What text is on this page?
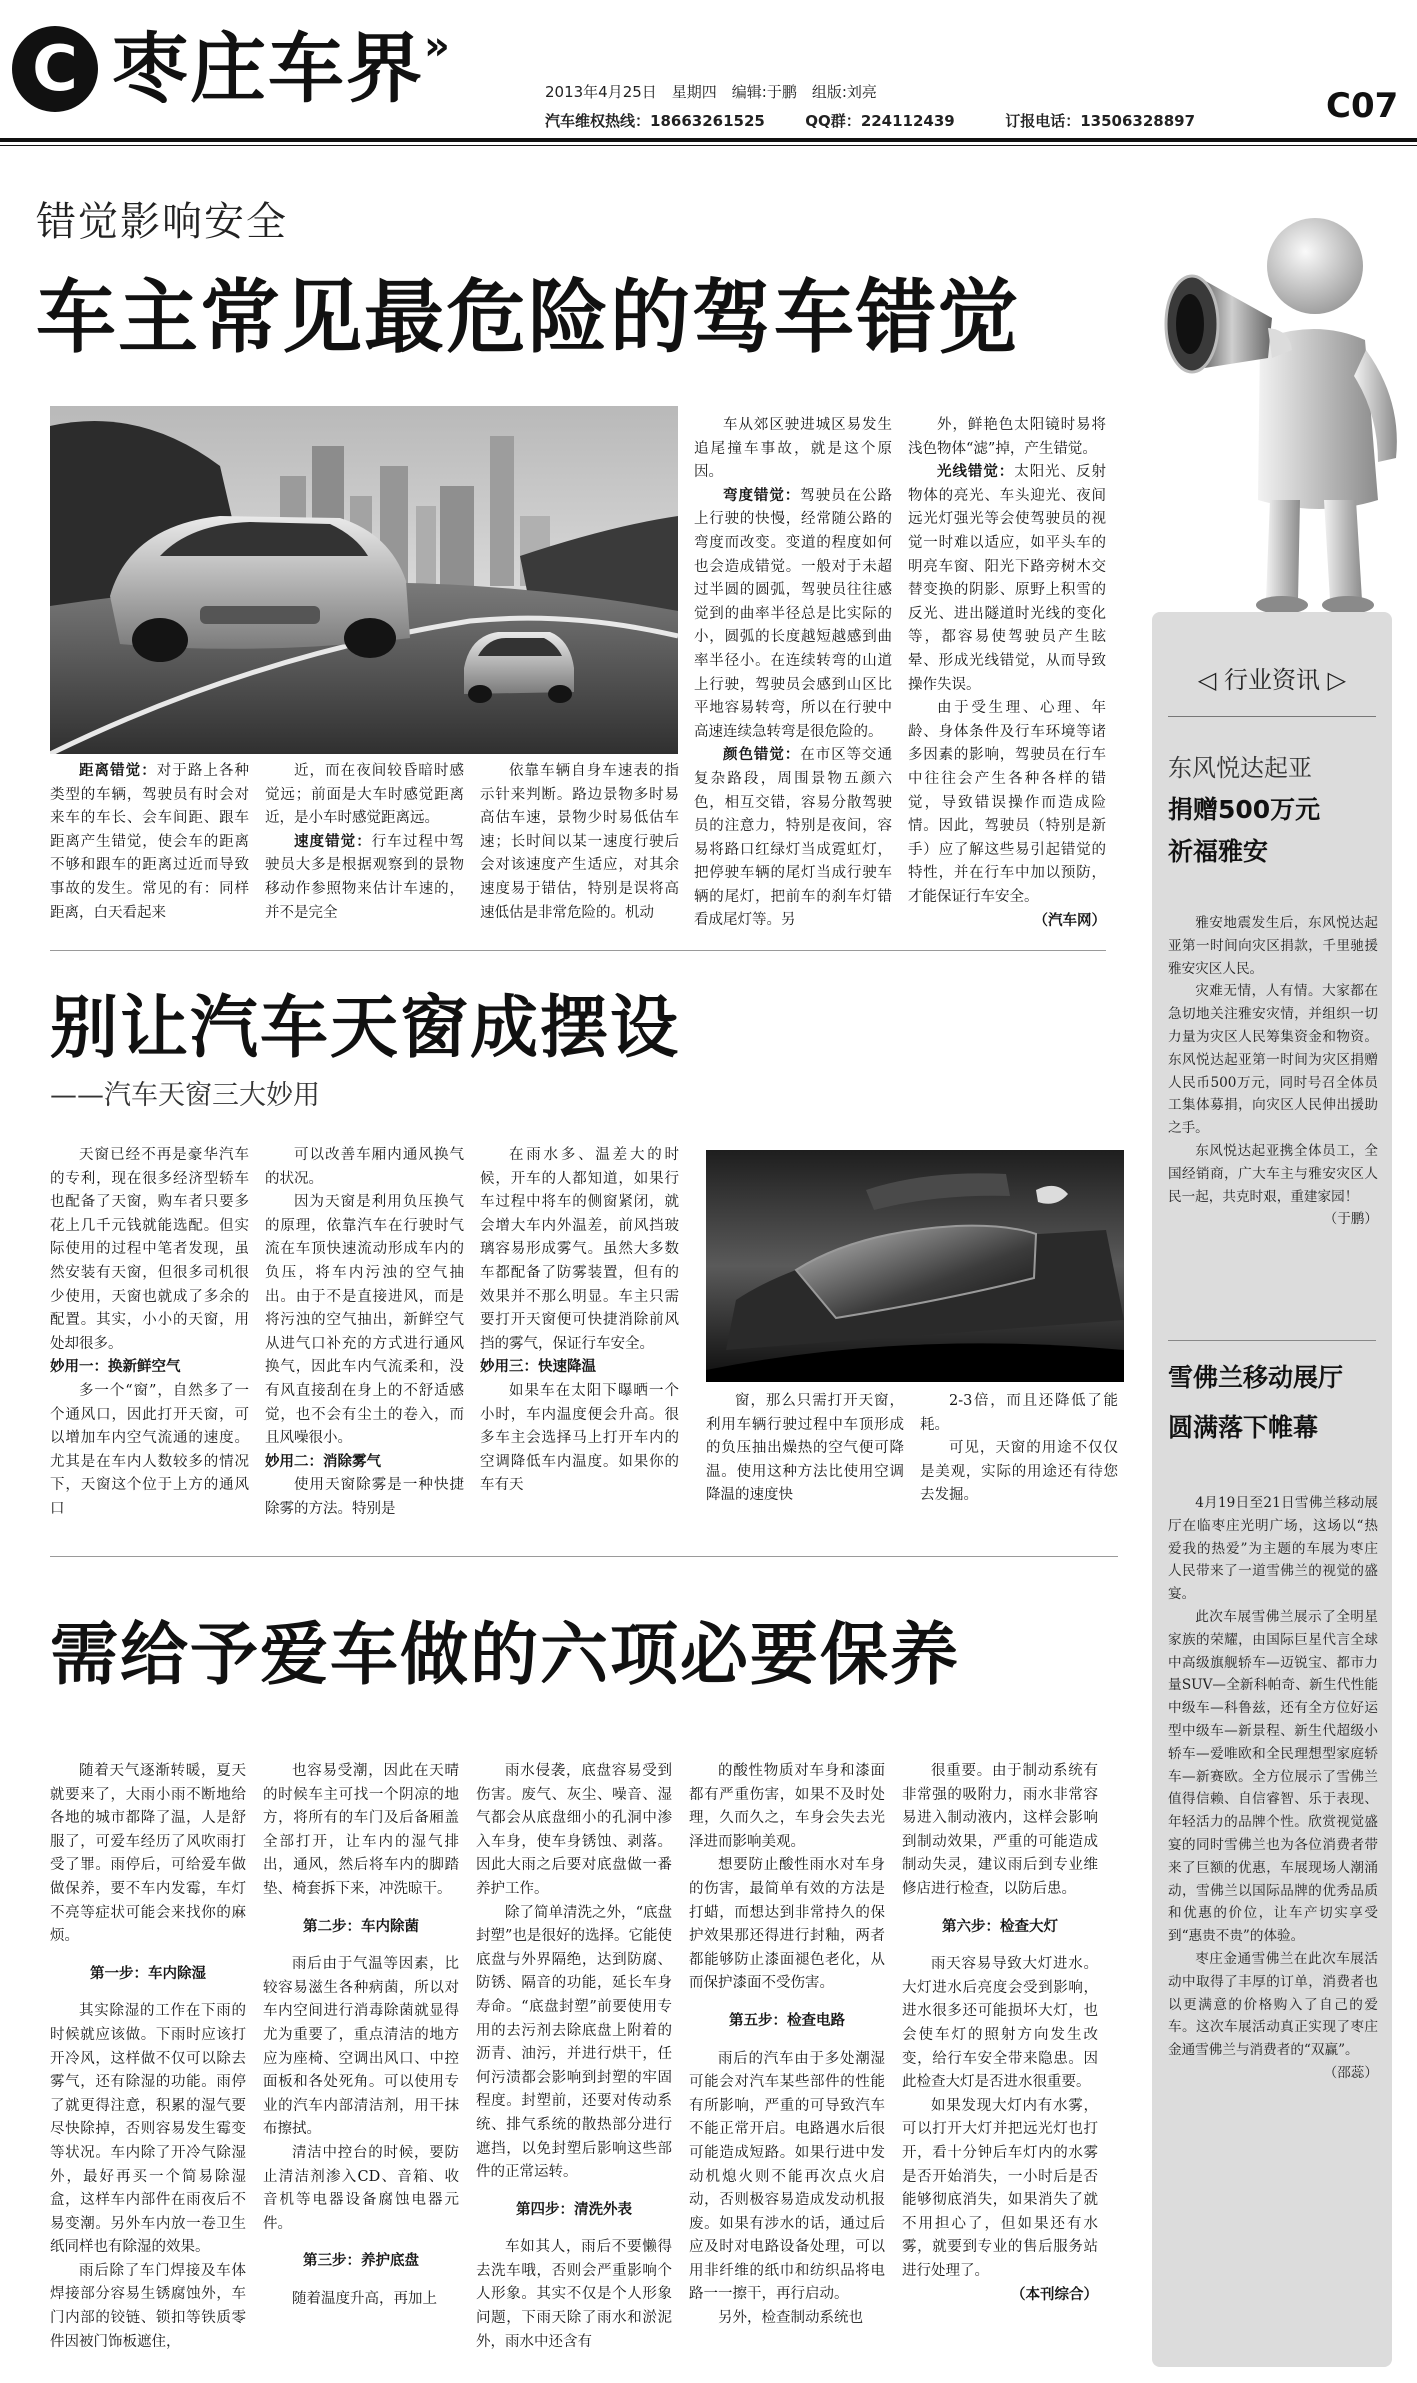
C 枣庄车界 »
2013年4月25日　星期四　编辑:于鹏　组版:刘亮
汽车维权热线：18663261525	QQ群：224112439	订报电话：13506328897	C07
错觉影响安全
车主常见最危险的驾车错觉

距离错觉：对于路上各种类型的车辆，驾驶员有时会对来车的车长、会车间距、跟车距离产生错觉，使会车的距离不够和跟车的距离过近而导致事故的发生。常见的有：同样距离，白天看起来

近，而在夜间较昏暗时感觉远；前面是大车时感觉距离近，是小车时感觉距离远。

速度错觉：行车过程中驾驶员大多是根据观察到的景物移动作参照物来估计车速的，并不是完全

依靠车辆自身车速表的指示针来判断。路边景物多时易高估车速，景物少时易低估车速；长时间以某一速度行驶后会对该速度产生适应，对其余速度易于错估，特别是误将高速低估是非常危险的。机动

车从郊区驶进城区易发生追尾撞车事故，就是这个原因。

弯度错觉：驾驶员在公路上行驶的快慢，经常随公路的弯度而改变。变道的程度如何也会造成错觉。一般对于未超过半圆的圆弧，驾驶员往往感觉到的曲率半径总是比实际的小，圆弧的长度越短越感到曲率半径小。在连续转弯的山道上行驶，驾驶员会感到山区比平地容易转弯，所以在行驶中高速连续急转弯是很危险的。

颜色错觉：在市区等交通复杂路段，周围景物五颜六色，相互交错，容易分散驾驶员的注意力，特别是夜间，容易将路口红绿灯当成霓虹灯，把停驶车辆的尾灯当成行驶车辆的尾灯，把前车的刹车灯错看成尾灯等。另

外，鲜艳色太阳镜时易将浅色物体“滤”掉，产生错觉。

光线错觉：太阳光、反射物体的亮光、车头迎光、夜间远光灯强光等会使驾驶员的视觉一时难以适应，如平头车的明亮车窗、阳光下路旁树木交替变换的阴影、原野上积雪的反光、进出隧道时光线的变化等，都容易使驾驶员产生眩晕、形成光线错觉，从而导致操作失误。

由于受生理、心理、年龄、身体条件及行车环境等诸多因素的影响，驾驶员在行车中往往会产生各种各样的错觉，导致错误操作而造成险情。因此，驾驶员（特别是新手）应了解这些易引起错觉的特性，并在行车中加以预防，才能保证行车安全。

（汽车网）

别让汽车天窗成摆设
——汽车天窗三大妙用

天窗已经不再是豪华汽车的专利，现在很多经济型轿车也配备了天窗，购车者只要多花上几千元钱就能选配。但实际使用的过程中笔者发现，虽然安装有天窗，但很多司机很少使用，天窗也就成了多余的配置。其实，小小的天窗，用处却很多。

妙用一：换新鲜空气

多一个“窗”，自然多了一个通风口，因此打开天窗，可以增加车内空气流通的速度。尤其是在车内人数较多的情况下，天窗这个位于上方的通风口

可以改善车厢内通风换气的状况。

因为天窗是利用负压换气的原理，依靠汽车在行驶时气流在车顶快速流动形成车内的负压，将车内污浊的空气抽出。由于不是直接进风，而是将污浊的空气抽出，新鲜空气从进气口补充的方式进行通风换气，因此车内气流柔和，没有风直接刮在身上的不舒适感觉，也不会有尘土的卷入，而且风噪很小。

妙用二：消除雾气

使用天窗除雾是一种快捷除雾的方法。特别是

在雨水多、温差大的时候，开车的人都知道，如果行车过程中将车的侧窗紧闭，就会增大车内外温差，前风挡玻璃容易形成雾气。虽然大多数车都配备了防雾装置，但有的效果并不那么明显。车主只需要打开天窗便可快捷消除前风挡的雾气，保证行车安全。

妙用三：快速降温

如果车在太阳下曝晒一个小时，车内温度便会升高。很多车主会选择马上打开车内的空调降低车内温度。如果你的车有天

窗，那么只需打开天窗，利用车辆行驶过程中车顶形成的负压抽出燥热的空气便可降温。使用这种方法比使用空调降温的速度快

2-3倍，而且还降低了能耗。

可见，天窗的用途不仅仅是美观，实际的用途还有待您去发掘。

需给予爱车做的六项必要保养

随着天气逐渐转暖，夏天就要来了，大雨小雨不断地给各地的城市都降了温，人是舒服了，可爱车经历了风吹雨打受了罪。雨停后，可给爱车做做保养，要不车内发霉，车灯不亮等症状可能会来找你的麻烦。

第一步：车内除湿

其实除湿的工作在下雨的时候就应该做。下雨时应该打开冷风，这样做不仅可以除去雾气，还有除湿的功能。雨停了就更得注意，积累的湿气要尽快除掉，否则容易发生霉变等状况。车内除了开冷气除湿外，最好再买一个简易除湿盒，这样车内部件在雨夜后不易变潮。另外车内放一卷卫生纸同样也有除湿的效果。

雨后除了车门焊接及车体焊接部分容易生锈腐蚀外，车门内部的铰链、锁扣等铁质零件因被门饰板遮住，

也容易受潮，因此在天晴的时候车主可找一个阴凉的地方，将所有的车门及后备厢盖全部打开，让车内的湿气排出，通风，然后将车内的脚踏垫、椅套拆下来，冲洗晾干。

第二步：车内除菌

雨后由于气温等因素，比较容易滋生各种病菌，所以对车内空间进行消毒除菌就显得尤为重要了，重点清洁的地方应为座椅、空调出风口、中控面板和各处死角。可以使用专业的汽车内部清洁剂，用干抹布擦拭。

清洁中控台的时候，要防止清洁剂渗入CD、音箱、收音机等电器设备腐蚀电器元件。

第三步：养护底盘

随着温度升高，再加上

雨水侵袭，底盘容易受到伤害。废气、灰尘、噪音、湿气都会从底盘细小的孔洞中渗入车身，使车身锈蚀、剥落。因此大雨之后要对底盘做一番养护工作。

除了简单清洗之外，“底盘封塑”也是很好的选择。它能使底盘与外界隔绝，达到防腐、防锈、隔音的功能，延长车身寿命。“底盘封塑”前要使用专用的去污剂去除底盘上附着的沥青、油污，并进行烘干，任何污渍都会影响到封塑的牢固程度。封塑前，还要对传动系统、排气系统的散热部分进行遮挡，以免封塑后影响这些部件的正常运转。

第四步：清洗外表

车如其人，雨后不要懒得去洗车哦，否则会严重影响个人形象。其实不仅是个人形象问题，下雨天除了雨水和淤泥外，雨水中还含有

的酸性物质对车身和漆面都有严重伤害，如果不及时处理，久而久之，车身会失去光泽进而影响美观。

想要防止酸性雨水对车身的伤害，最简单有效的方法是打蜡，而想达到非常持久的保护效果那还得进行封釉，两者都能够防止漆面褪色老化，从而保护漆面不受伤害。

第五步：检查电路

雨后的汽车由于多处潮湿可能会对汽车某些部件的性能有所影响，严重的可导致汽车不能正常开启。电路遇水后很可能造成短路。如果行进中发动机熄火则不能再次点火启动，否则极容易造成发动机报废。如果有涉水的话，通过后应及时对电路设备处理，可以用非纤维的纸巾和纺织品将电路一一擦干，再行启动。

另外，检查制动系统也

很重要。由于制动系统有非常强的吸附力，雨水非常容易进入制动液内，这样会影响到制动效果，严重的可能造成制动失灵，建议雨后到专业维修店进行检查，以防后患。

第六步：检查大灯

雨天容易导致大灯进水。大灯进水后亮度会受到影响，进水很多还可能损坏大灯，也会使车灯的照射方向发生改变，给行车安全带来隐患。因此检查大灯是否进水很重要。

如果发现大灯内有水雾，可以打开大灯并把远光灯也打开，看十分钟后车灯内的水雾是否开始消失，一小时后是否能够彻底消失，如果消失了就不用担心了，但如果还有水雾，就要到专业的售后服务站进行处理了。

（本刊综合）

◁ 行业资讯 ▷
东风悦达起亚
捐赠500万元
祈福雅安

雅安地震发生后，东风悦达起亚第一时间向灾区捐款，千里驰援雅安灾区人民。

灾难无情，人有情。大家都在急切地关注雅安灾情，并组织一切力量为灾区人民筹集资金和物资。东风悦达起亚第一时间为灾区捐赠人民币500万元，同时号召全体员工集体募捐，向灾区人民伸出援助之手。

东风悦达起亚携全体员工，全国经销商，广大车主与雅安灾区人民一起，共克时艰，重建家园！

（于鹏）

雪佛兰移动展厅
圆满落下帷幕

4月19日至21日雪佛兰移动展厅在临枣庄光明广场，这场以“热爱我的热爱”为主题的车展为枣庄人民带来了一道雪佛兰的视觉的盛宴。

此次车展雪佛兰展示了全明星家族的荣耀，由国际巨星代言全球中高级旗舰轿车—迈锐宝、都市力量SUV—全新科帕奇、新生代性能中级车—科鲁兹，还有全方位好运型中级车—新景程、新生代超级小轿车—爱唯欧和全民理想型家庭轿车—新赛欧。全方位展示了雪佛兰值得信赖、自信睿智、乐于表现、年轻活力的品牌个性。欣赏视觉盛宴的同时雪佛兰也为各位消费者带来了巨额的优惠，车展现场人潮涌动，雪佛兰以国际品牌的优秀品质和优惠的价位，让车产切实享受到“惠贵不贵”的体验。

枣庄金通雪佛兰在此次车展活动中取得了丰厚的订单，消费者也以更满意的价格购入了自己的爱车。这次车展活动真正实现了枣庄金通雪佛兰与消费者的“双赢”。

（邵蕊）
